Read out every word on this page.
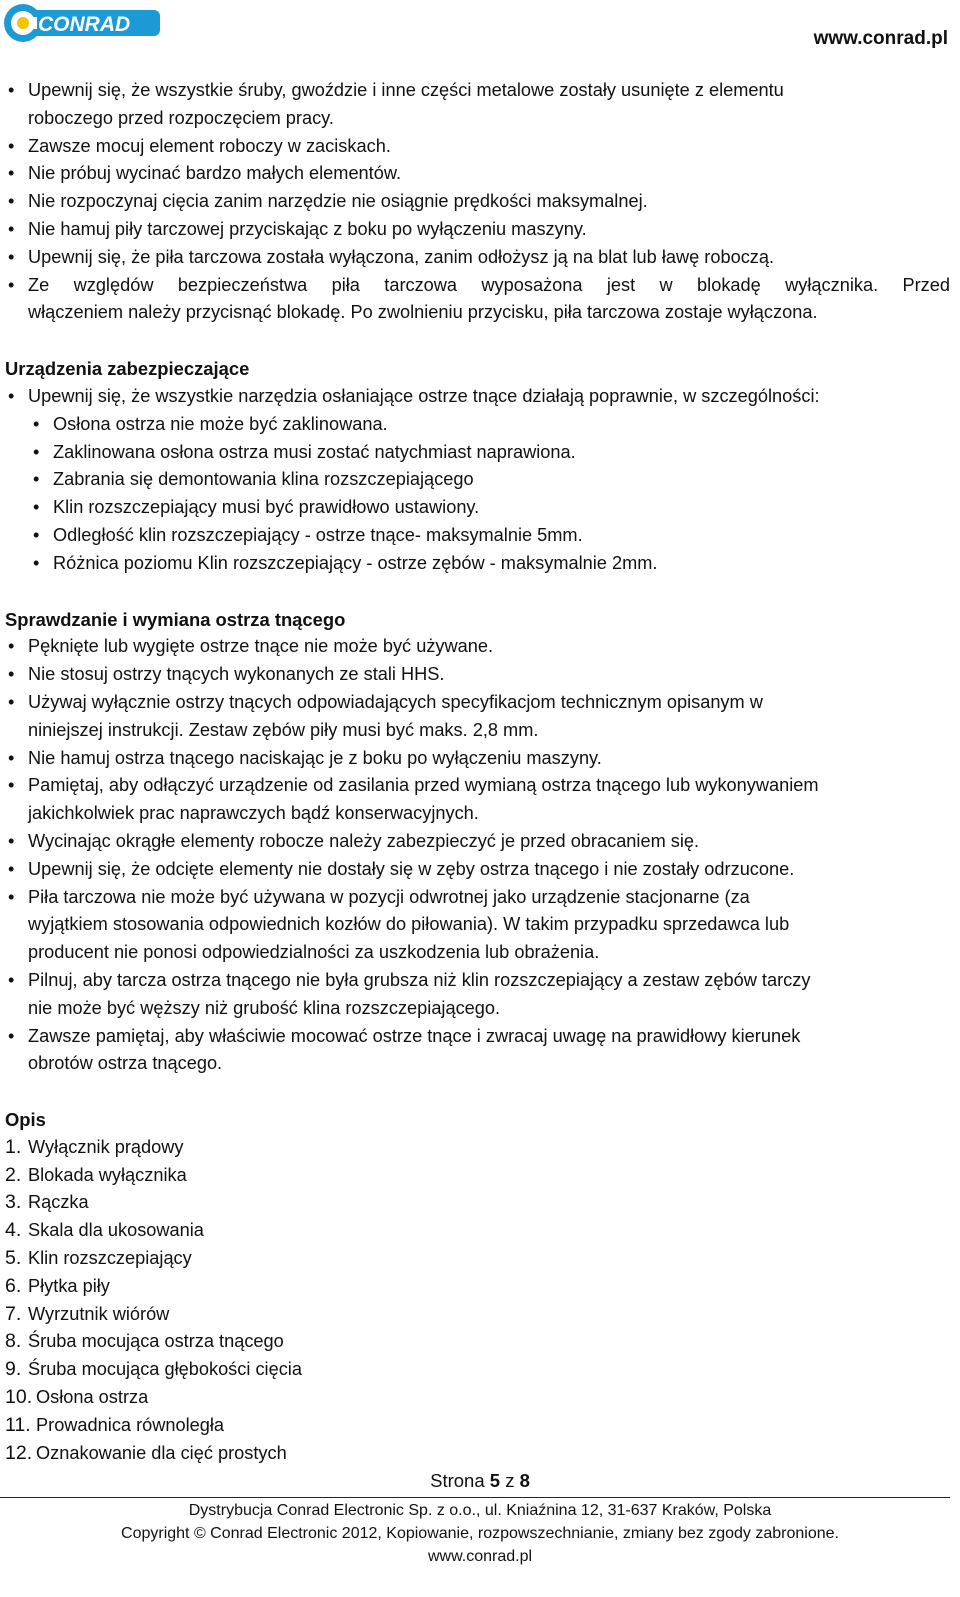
CONRAD
www.conrad.pl
• Upewnij się, że wszystkie śruby, gwoździe i inne części metalowe zostały usunięte z elementu
roboczego przed rozpoczęciem pracy.
• Zawsze mocuj element roboczy w zaciskach.
• Nie próbuj wycinać bardzo małych elementów.
• Nie rozpoczynaj cięcia zanim narzędzie nie osiągnie prędkości maksymalnej.
• Nie hamuj piły tarczowej przyciskając z boku po wyłączeniu maszyny.
• Upewnij się, że piła tarczowa została wyłączona, zanim odłożysz ją na blat lub ławę roboczą.
• Ze względów bezpieczeństwa piła tarczowa wyposażona jest w blokadę wyłącznika. Przed
włączeniem należy przycisnąć blokadę. Po zwolnieniu przycisku, piła tarczowa zostaje wyłączona.
Urządzenia zabezpieczające
• Upewnij się, że wszystkie narzędzia osłaniające ostrze tnące działają poprawnie, w szczególności:
• Osłona ostrza nie może być zaklinowana.
• Zaklinowana osłona ostrza musi zostać natychmiast naprawiona.
• Zabrania się demontowania klina rozszczepiającego
• Klin rozszczepiający musi być prawidłowo ustawiony.
• Odległość klin rozszczepiający - ostrze tnące- maksymalnie 5mm.
• Różnica poziomu Klin rozszczepiający - ostrze zębów - maksymalnie 2mm.
Sprawdzanie i wymiana ostrza tnącego
• Pęknięte lub wygięte ostrze tnące nie może być używane.
• Nie stosuj ostrzy tnących wykonanych ze stali HHS.
• Używaj wyłącznie ostrzy tnących odpowiadających specyfikacjom technicznym opisanym w
niniejszej instrukcji. Zestaw zębów piły musi być maks. 2,8 mm.
• Nie hamuj ostrza tnącego naciskając je z boku po wyłączeniu maszyny.
• Pamiętaj, aby odłączyć urządzenie od zasilania przed wymianą ostrza tnącego lub wykonywaniem
jakichkolwiek prac naprawczych bądź konserwacyjnych.
• Wycinając okrągłe elementy robocze należy zabezpieczyć je przed obracaniem się.
• Upewnij się, że odcięte elementy nie dostały się w zęby ostrza tnącego i nie zostały odrzucone.
• Piła tarczowa nie może być używana w pozycji odwrotnej jako urządzenie stacjonarne (za
wyjątkiem stosowania odpowiednich kozłów do piłowania). W takim przypadku sprzedawca lub
producent nie ponosi odpowiedzialności za uszkodzenia lub obrażenia.
• Pilnuj, aby tarcza ostrza tnącego nie była grubsza niż klin rozszczepiający a zestaw zębów tarczy
nie może być węższy niż grubość klina rozszczepiającego.
• Zawsze pamiętaj, aby właściwie mocować ostrze tnące i zwracaj uwagę na prawidłowy kierunek
obrotów ostrza tnącego.
Opis
1. Wyłącznik prądowy
2. Blokada wyłącznika
3. Rączka
4. Skala dla ukosowania
5. Klin rozszczepiający
6. Płytka piły
7. Wyrzutnik wiórów
8. Śruba mocująca ostrza tnącego
9. Śruba mocująca głębokości cięcia
10. Osłona ostrza
11. Prowadnica równoległa
12. Oznakowanie dla cięć prostych
Strona 5 z 8
Dystrybucja Conrad Electronic Sp. z o.o., ul. Kniaźnina 12, 31-637 Kraków, Polska
Copyright © Conrad Electronic 2012, Kopiowanie, rozpowszechnianie, zmiany bez zgody zabronione.
www.conrad.pl
